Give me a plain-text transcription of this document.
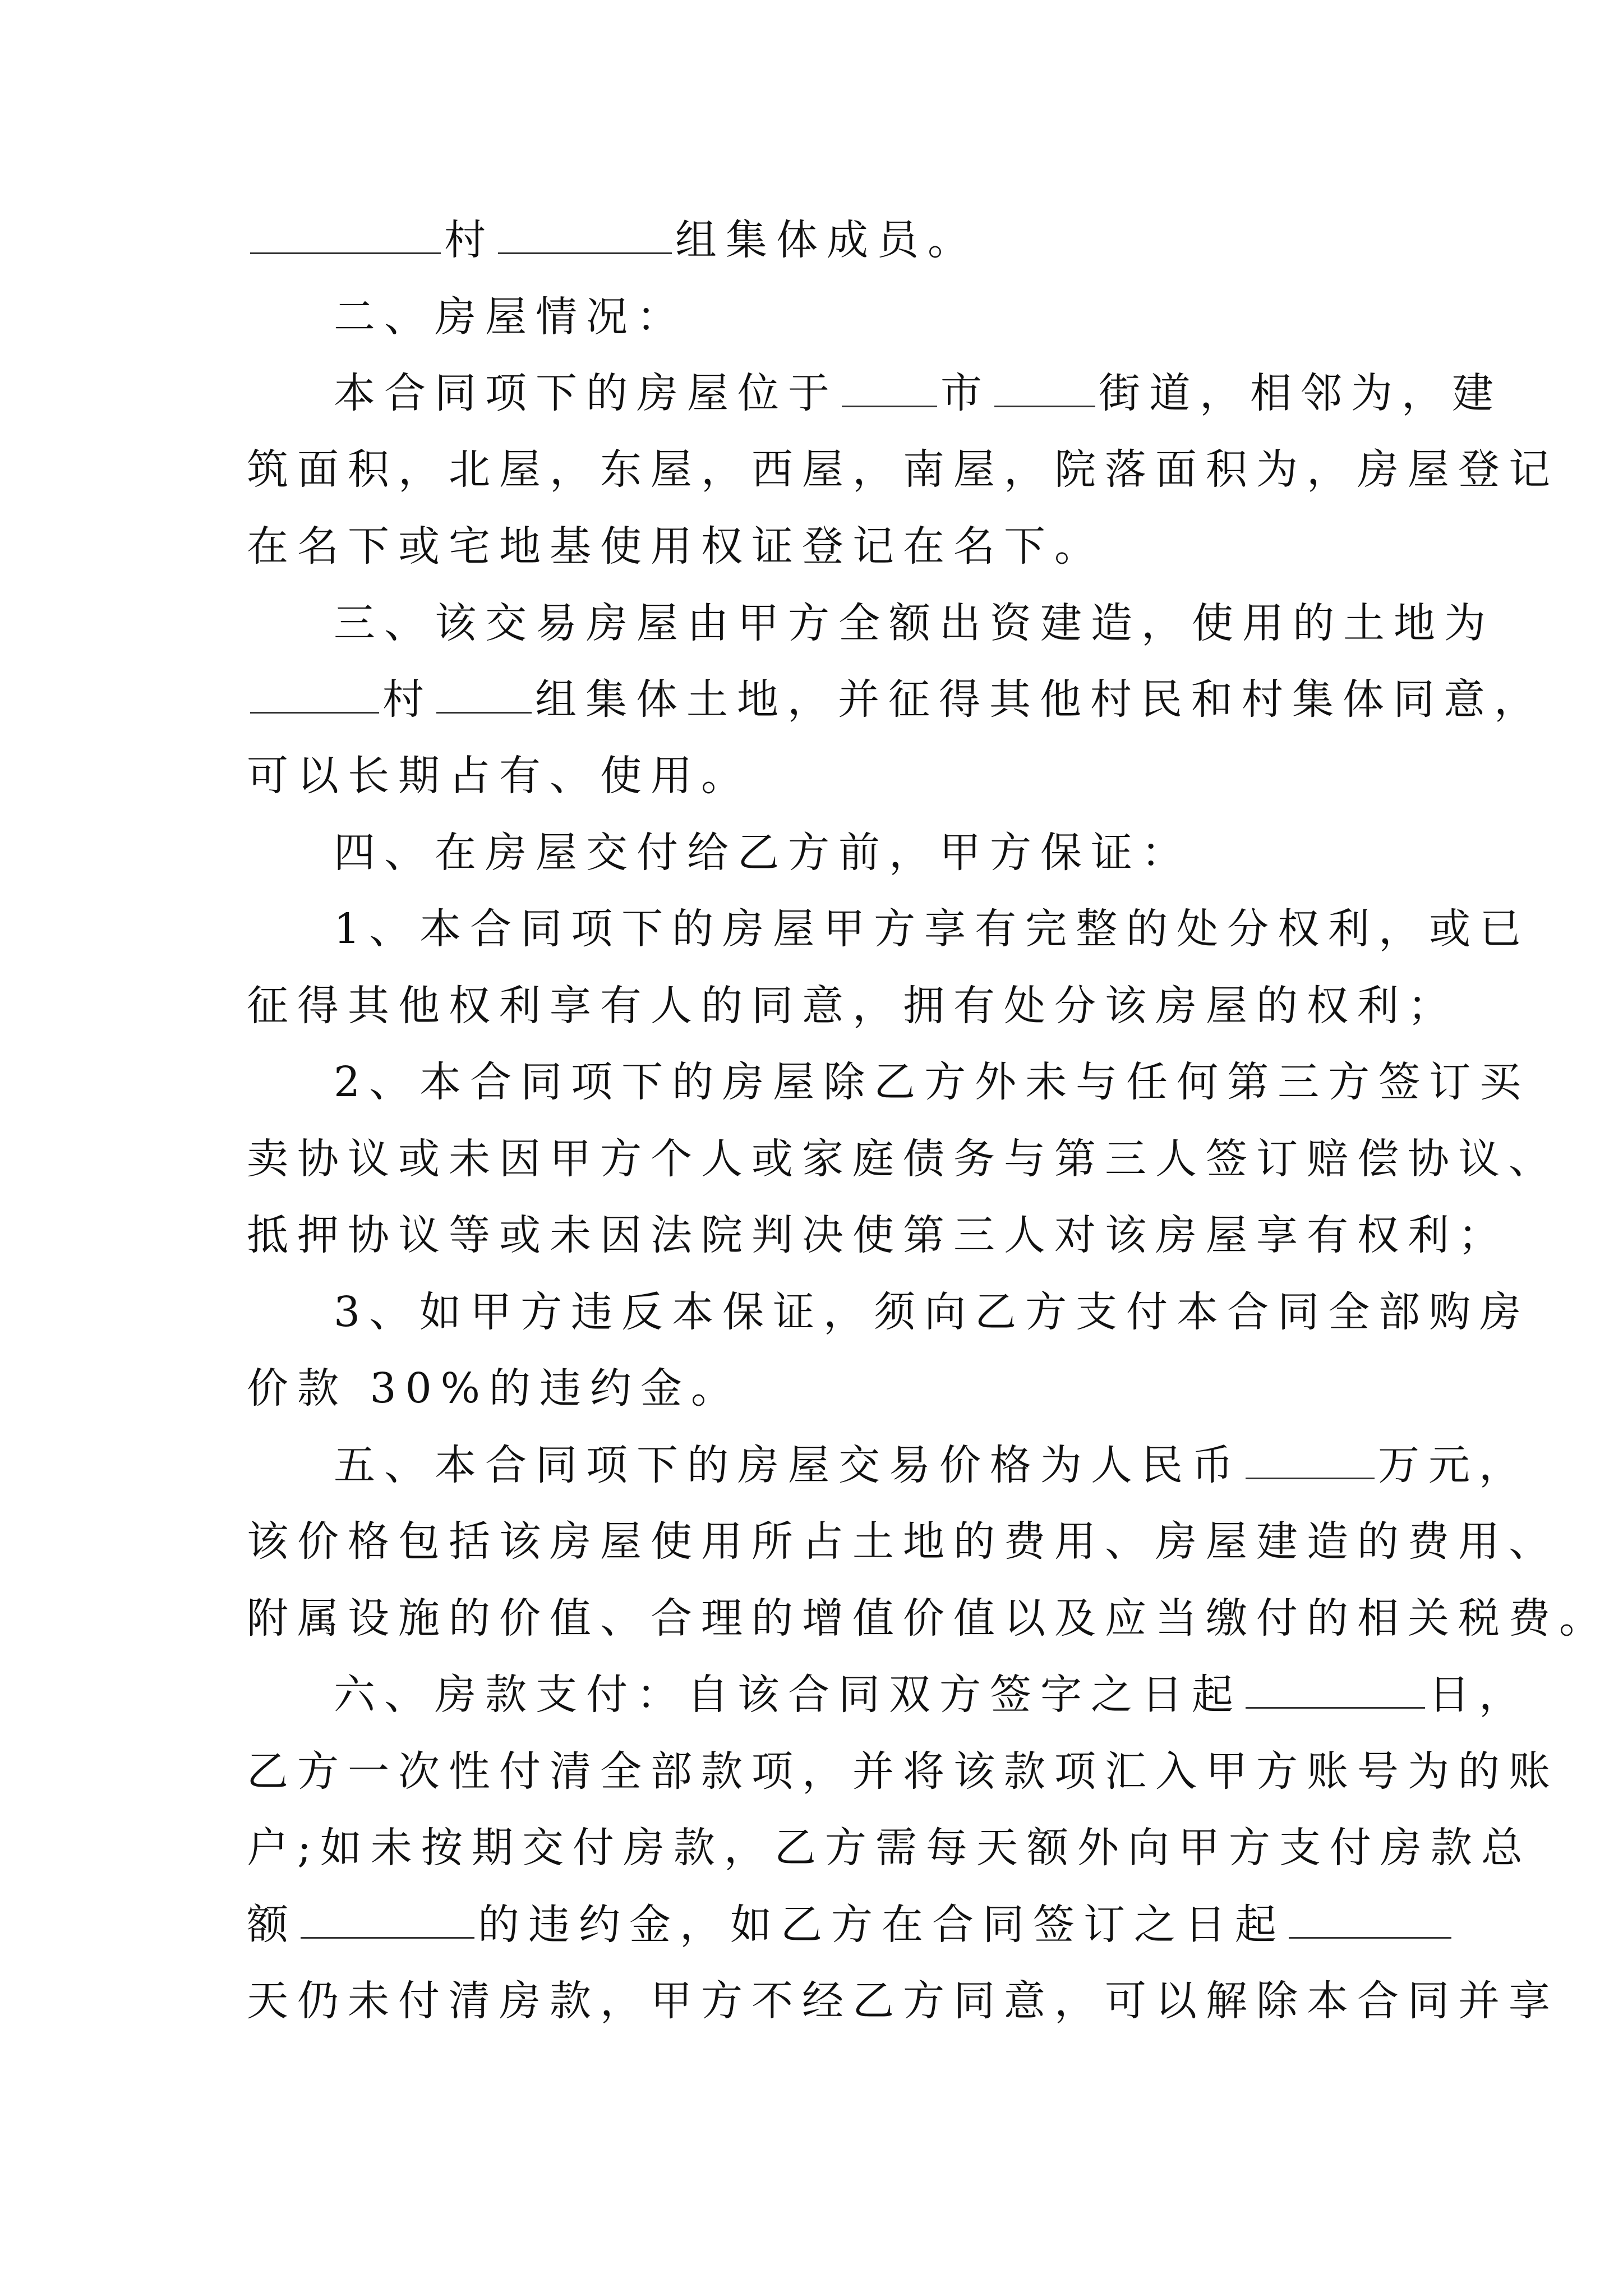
村	组集体成员。
二、房屋情况：
本合同项下的房屋位于 市	街道，相邻为，建
筑面积，北屋，东屋，西屋，南屋，院落面积为，房屋登记
在名下或宅地基使用权证登记在名下。
三、该交易房屋由甲方全额出资建造，使用的土地为
村 组集体土地，并征得其他村民和村集体同意，
可以长期占有、使用。
四、在房屋交付给乙方前，甲方保证：
1、本合同项下的房屋甲方享有完整的处分权利，或已
征得其他权利享有人的同意，拥有处分该房屋的权利；
2、本合同项下的房屋除乙方外未与任何第三方签订买
卖协议或未因甲方个人或家庭债务与第三人签订赔偿协议、
抵押协议等或未因法院判决使第三人对该房屋享有权利；
3、如甲方违反本保证，须向乙方支付本合同全部购房
价款 30%的违约金。
五、本合同项下的房屋交易价格为人民币	万元，
该价格包括该房屋使用所占土地的费用、房屋建造的费用、
附属设施的价值、合理的增值价值以及应当缴付的相关税费。
六、房款支付：自该合同双方签字之日起	日，
乙方一次性付清全部款项，并将该款项汇入甲方账号为的账
户;如未按期交付房款，乙方需每天额外向甲方支付房款总
额	的违约金，如乙方在合同签订之日起
天仍未付清房款，甲方不经乙方同意，可以解除本合同并享
